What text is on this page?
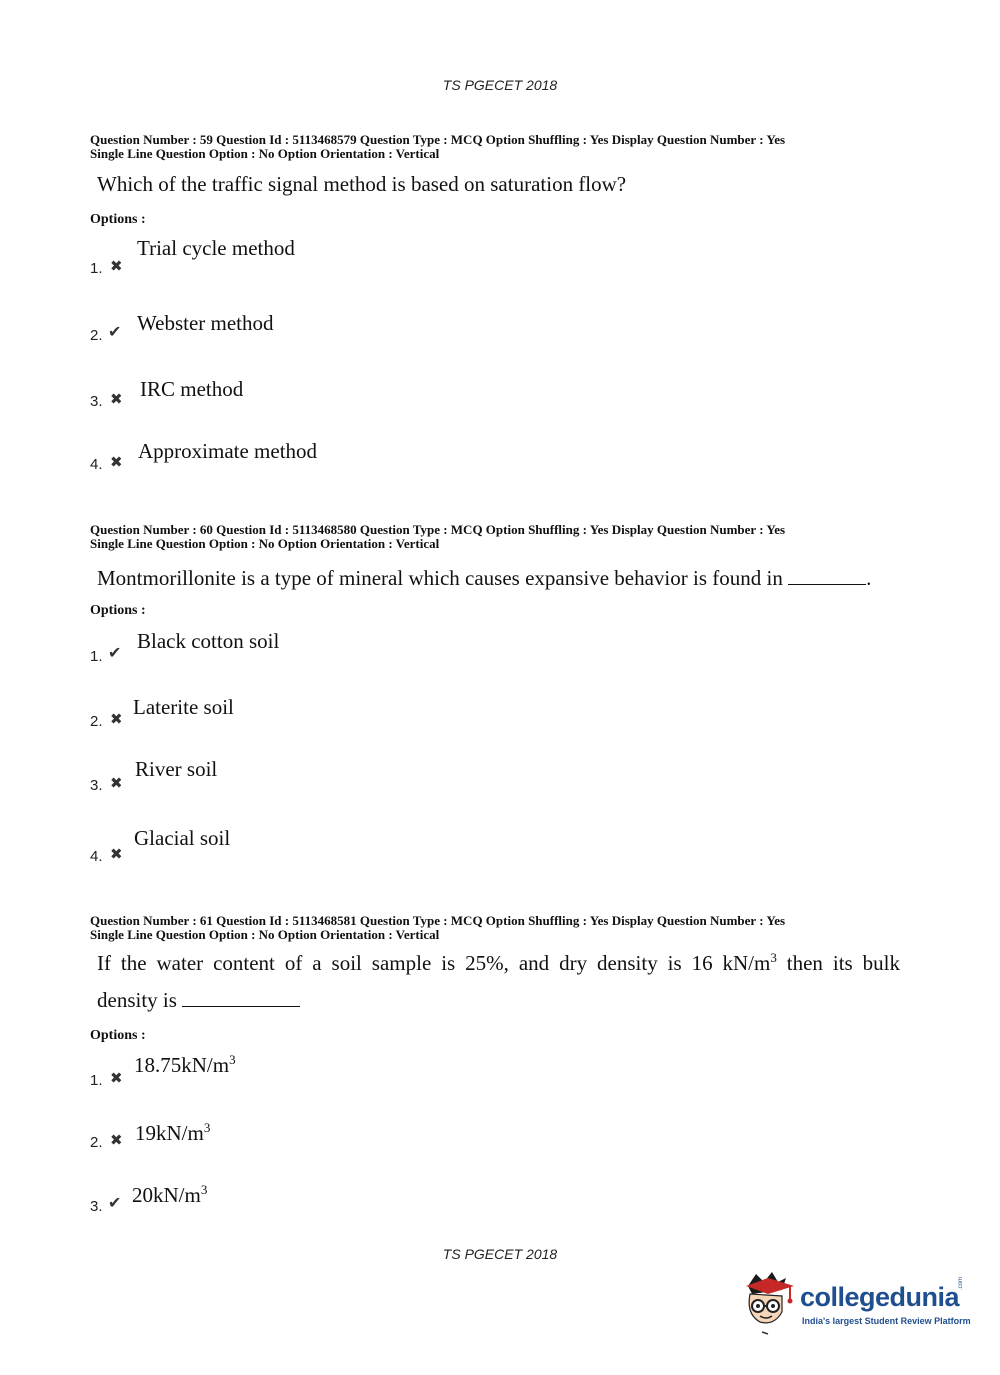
TS PGECET 2018
Question Number : 59 Question Id : 5113468579 Question Type : MCQ Option Shuffling : Yes Display Question Number : Yes
Single Line Question Option : No Option Orientation : Vertical
Which of the traffic signal method is based on saturation flow?
Options :
1. ✖
Trial cycle method
2. ✔ Webster method
3. ✖ IRC method
4. ✖ Approximate method
Question Number : 60 Question Id : 5113468580 Question Type : MCQ Option Shuffling : Yes Display Question Number : Yes
Single Line Question Option : No Option Orientation : Vertical
Montmorillonite is a type of mineral which causes expansive behavior is found in	.
Options :
1. ✔
Black cotton soil
2. ✖
Laterite soil
3. ✖
River soil
4. ✖
Glacial soil
Question Number : 61 Question Id : 5113468581 Question Type : MCQ Option Shuffling : Yes Display Question Number : Yes
Single Line Question Option : No Option Orientation : Vertical
If the water content of a soil sample is 25%, and dry density is 16 $kN/m^3$ then its bulk
density is
Options :
1. ✖
$18.75kN/m^3$
2. ✖ $19kN/m^3$
3. ✔ $20kN/m^3$
TS PGECET 2018
collegedunia
.com
India's largest Student Review Platform
